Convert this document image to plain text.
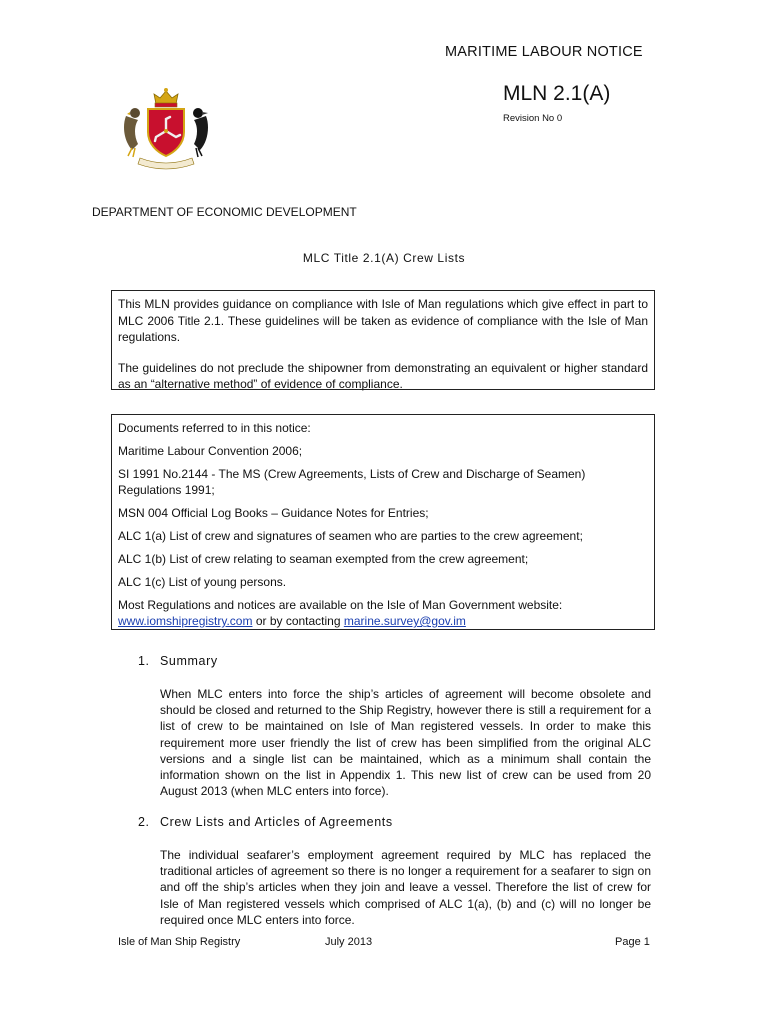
MARITIME LABOUR NOTICE
MLN 2.1(A)
Revision No 0
DEPARTMENT OF ECONOMIC DEVELOPMENT
MLC Title 2.1(A) Crew Lists

This MLN provides guidance on compliance with Isle of Man regulations which give effect in part to MLC 2006 Title 2.1. These guidelines will be taken as evidence of compliance with the Isle of Man regulations.

The guidelines do not preclude the shipowner from demonstrating an equivalent or higher standard as an “alternative method” of evidence of compliance.

Documents referred to in this notice:

Maritime Labour Convention 2006;

SI 1991 No.2144 - The MS (Crew Agreements, Lists of Crew and Discharge of Seamen) Regulations 1991;

MSN 004 Official Log Books – Guidance Notes for Entries;

ALC 1(a) List of crew and signatures of seamen who are parties to the crew agreement;

ALC 1(b) List of crew relating to seaman exempted from the crew agreement;

ALC 1(c) List of young persons.

Most Regulations and notices are available on the Isle of Man Government website:
www.iomshipregistry.com or by contacting marine.survey@gov.im

1. Summary

When MLC enters into force the ship’s articles of agreement will become obsolete and should be closed and returned to the Ship Registry, however there is still a requirement for a list of crew to be maintained on Isle of Man registered vessels. In order to make this requirement more user friendly the list of crew has been simplified from the original ALC versions and a single list can be maintained, which as a minimum shall contain the information shown on the list in Appendix 1. This new list of crew can be used from 20 August 2013 (when MLC enters into force).

2. Crew Lists and Articles of Agreements

The individual seafarer’s employment agreement required by MLC has replaced the traditional articles of agreement so there is no longer a requirement for a seafarer to sign on and off the ship’s articles when they join and leave a vessel. Therefore the list of crew for Isle of Man registered vessels which comprised of ALC 1(a), (b) and (c) will no longer be required once MLC enters into force.

Isle of Man Ship Registry	July 2013	Page 1
